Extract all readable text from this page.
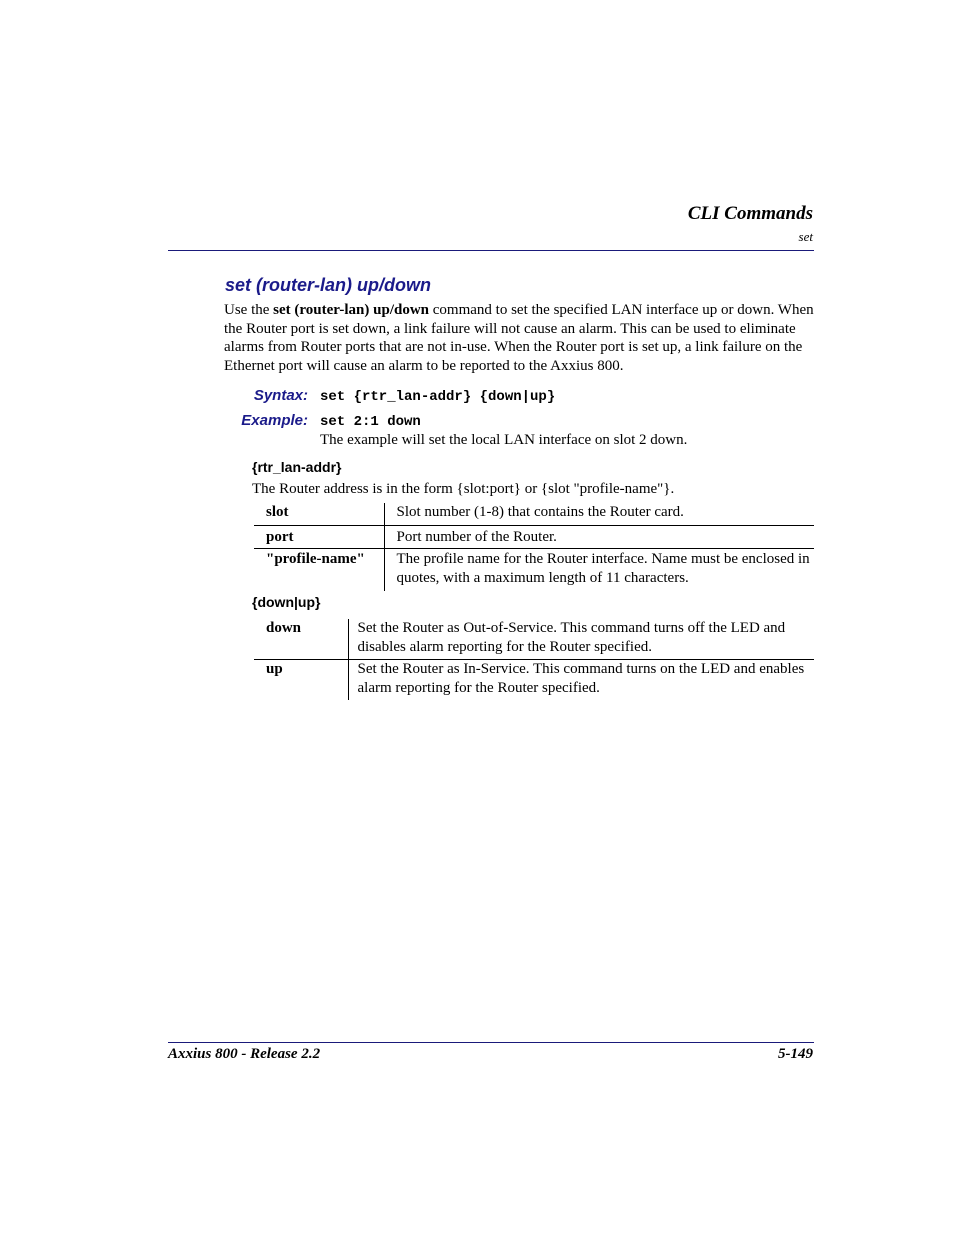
CLI Commands
set
set (router-lan) up/down
Use the set (router-lan) up/down command to set the specified LAN interface up or down. When the Router port is set down, a link failure will not cause an alarm. This can be used to eliminate alarms from Router ports that are not in-use. When the Router port is set up, a link failure on the Ethernet port will cause an alarm to be reported to the Axxius 800.
Syntax: set {rtr_lan-addr} {down|up}
Example: set 2:1 down
The example will set the local LAN interface on slot 2 down.
{rtr_lan-addr}
The Router address is in the form {slot:port} or {slot "profile-name"}.
slot	Slot number (1-8) that contains the Router card.
port	Port number of the Router.
"profile-name"	The profile name for the Router interface. Name must be enclosed in quotes, with a maximum length of 11 characters.
{down|up}
down	Set the Router as Out-of-Service. This command turns off the LED and disables alarm reporting for the Router specified.
up	Set the Router as In-Service. This command turns on the LED and enables alarm reporting for the Router specified.
Axxius 800 - Release 2.2	5-149
